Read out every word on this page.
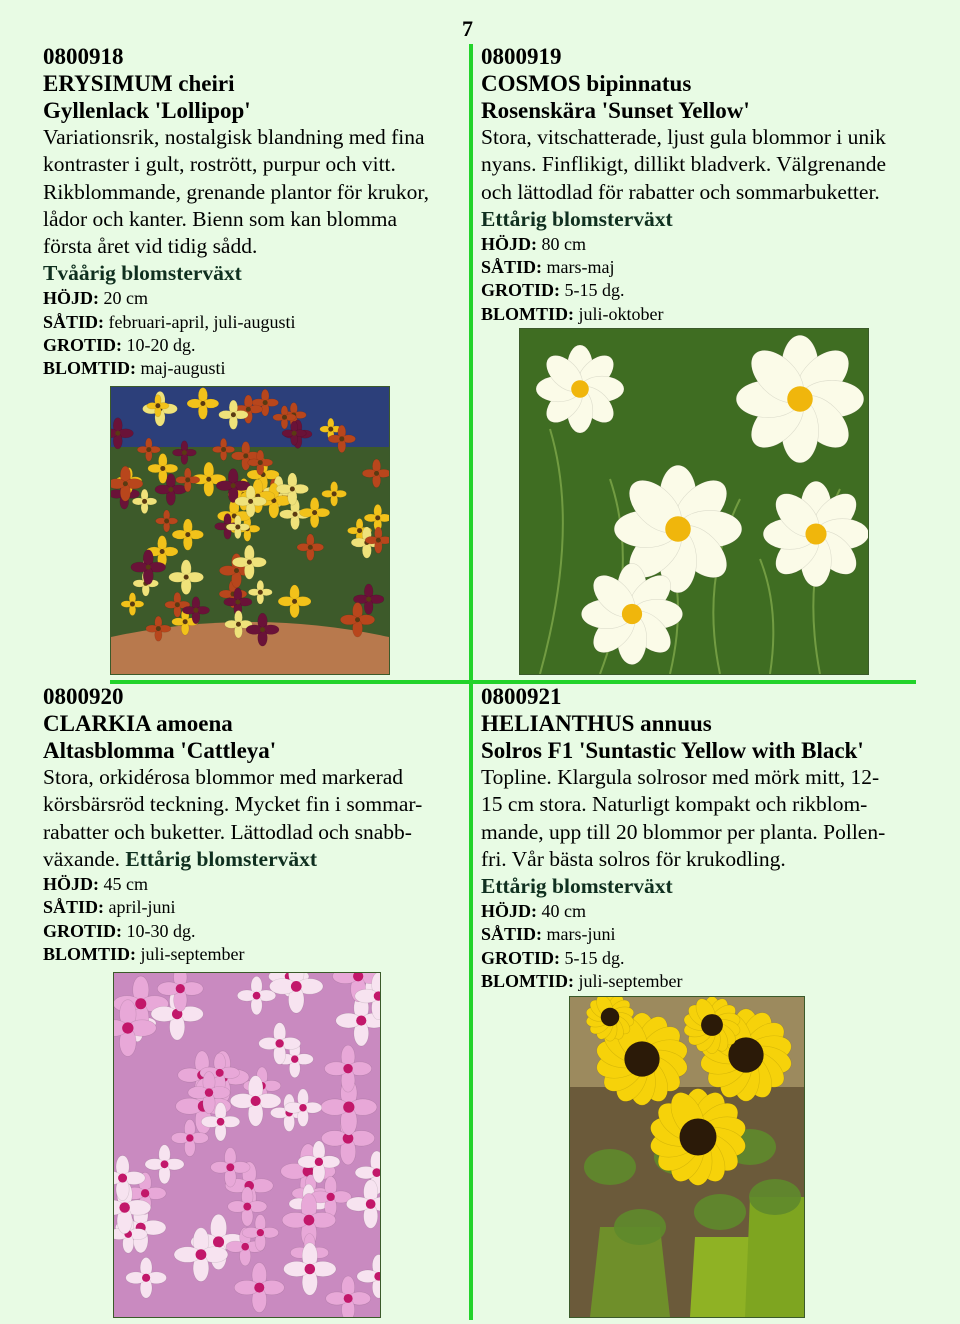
7
0800918
ERYSIMUM cheiri
Gyllenlack 'Lollipop'
Variationsrik, nostalgisk blandning med fina
kontraster i gult, rostrött, purpur och vitt.
Rikblommande, grenande plantor för krukor,
lådor och kanter. Bienn som kan blomma
första året vid tidig sådd.
Tvåårig blomsterväxt
HÖJD: 20 cm
SÅTID: februari-april, juli-augusti
GROTID: 10-20 dg.
BLOMTID: maj-augusti
0800919
COSMOS bipinnatus
Rosenskära 'Sunset Yellow'
Stora, vitschatterade, ljust gula blommor i unik
nyans. Finflikigt, dillikt bladverk. Välgrenande
och lättodlad för rabatter och sommarbuketter.
Ettårig blomsterväxt
HÖJD: 80 cm
SÅTID: mars-maj
GROTID: 5-15 dg.
BLOMTID: juli-oktober
0800920
CLARKIA amoena
Altasblomma 'Cattleya'
Stora, orkidérosa blommor med markerad
körsbärsröd teckning. Mycket fin i sommar-
rabatter och buketter. Lättodlad och snabb-
växande. Ettårig blomsterväxt
HÖJD: 45 cm
SÅTID: april-juni
GROTID: 10-30 dg.
BLOMTID: juli-september
0800921
HELIANTHUS annuus
Solros F1 'Suntastic Yellow with Black'
Topline. Klargula solrosor med mörk mitt, 12-
15 cm stora. Naturligt kompakt och rikblom-
mande, upp till 20 blommor per planta. Pollen-
fri. Vår bästa solros för krukodling.
Ettårig blomsterväxt
HÖJD: 40 cm
SÅTID: mars-juni
GROTID: 5-15 dg.
BLOMTID: juli-september
